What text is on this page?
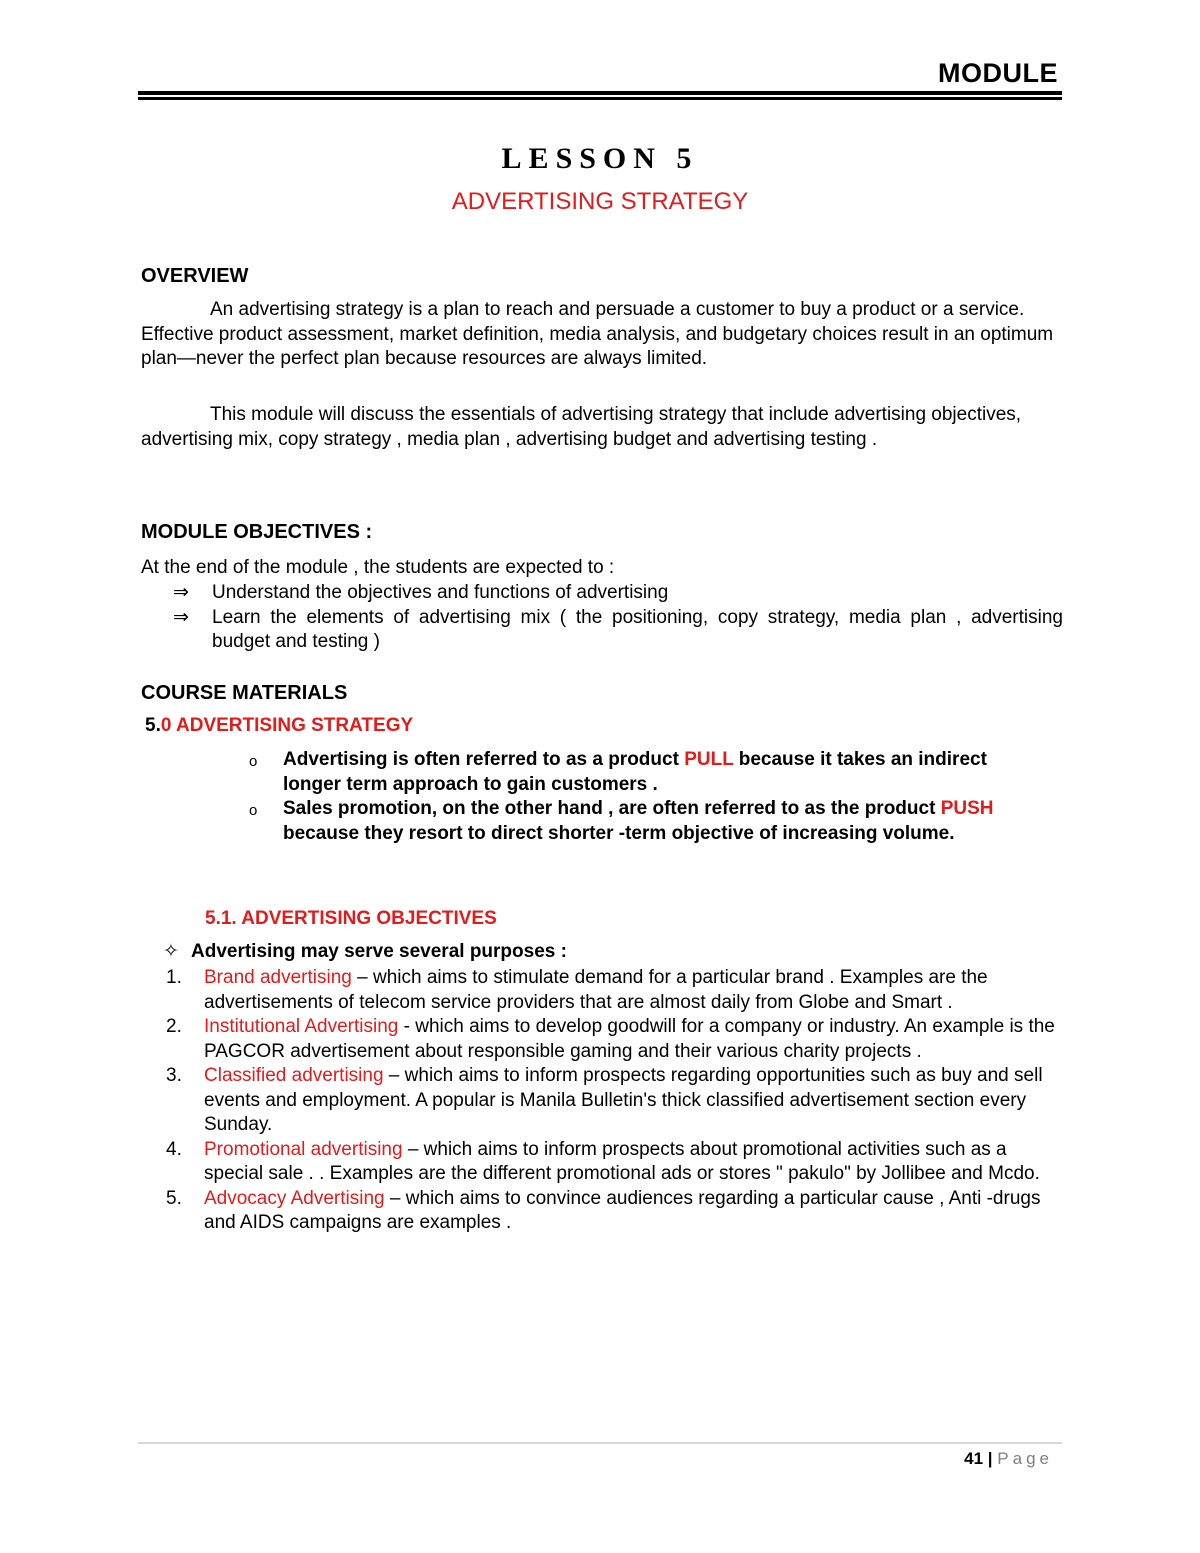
MODULE
LESSON 5
ADVERTISING STRATEGY
OVERVIEW
An advertising strategy is a plan to reach and persuade a customer to buy a product or a service. Effective product assessment, market definition, media analysis, and budgetary choices result in an optimum plan—never the perfect plan because resources are always limited.
This module will discuss the essentials of advertising strategy that include advertising objectives, advertising mix, copy strategy , media plan , advertising budget and advertising testing .
MODULE OBJECTIVES :
At the end of the module , the students are expected to :
⇒ Understand the objectives and functions of advertising
⇒ Learn the elements of advertising mix ( the positioning, copy strategy, media plan , advertising budget and testing )
COURSE MATERIALS
5.0 ADVERTISING STRATEGY
o Advertising is often referred to as a product PULL because it takes an indirect longer term approach to gain customers .
o Sales promotion, on the other hand , are often referred to as the product PUSH because they resort to direct shorter -term objective of increasing volume.
5.1. ADVERTISING OBJECTIVES
✧ Advertising may serve several purposes :
1. Brand advertising – which aims to stimulate demand for a particular brand . Examples are the advertisements of telecom service providers that are almost daily from Globe and Smart .
2. Institutional Advertising - which aims to develop goodwill for a company or industry. An example is the PAGCOR advertisement about responsible gaming and their various charity projects .
3. Classified advertising – which aims to inform prospects regarding opportunities such as buy and sell events and employment. A popular is Manila Bulletin's thick classified advertisement section every Sunday.
4. Promotional advertising – which aims to inform prospects about promotional activities such as a special sale . . Examples are the different promotional ads or stores " pakulo" by Jollibee and Mcdo.
5. Advocacy Advertising – which aims to convince audiences regarding a particular cause , Anti -drugs and AIDS campaigns are examples .
41 | Page
